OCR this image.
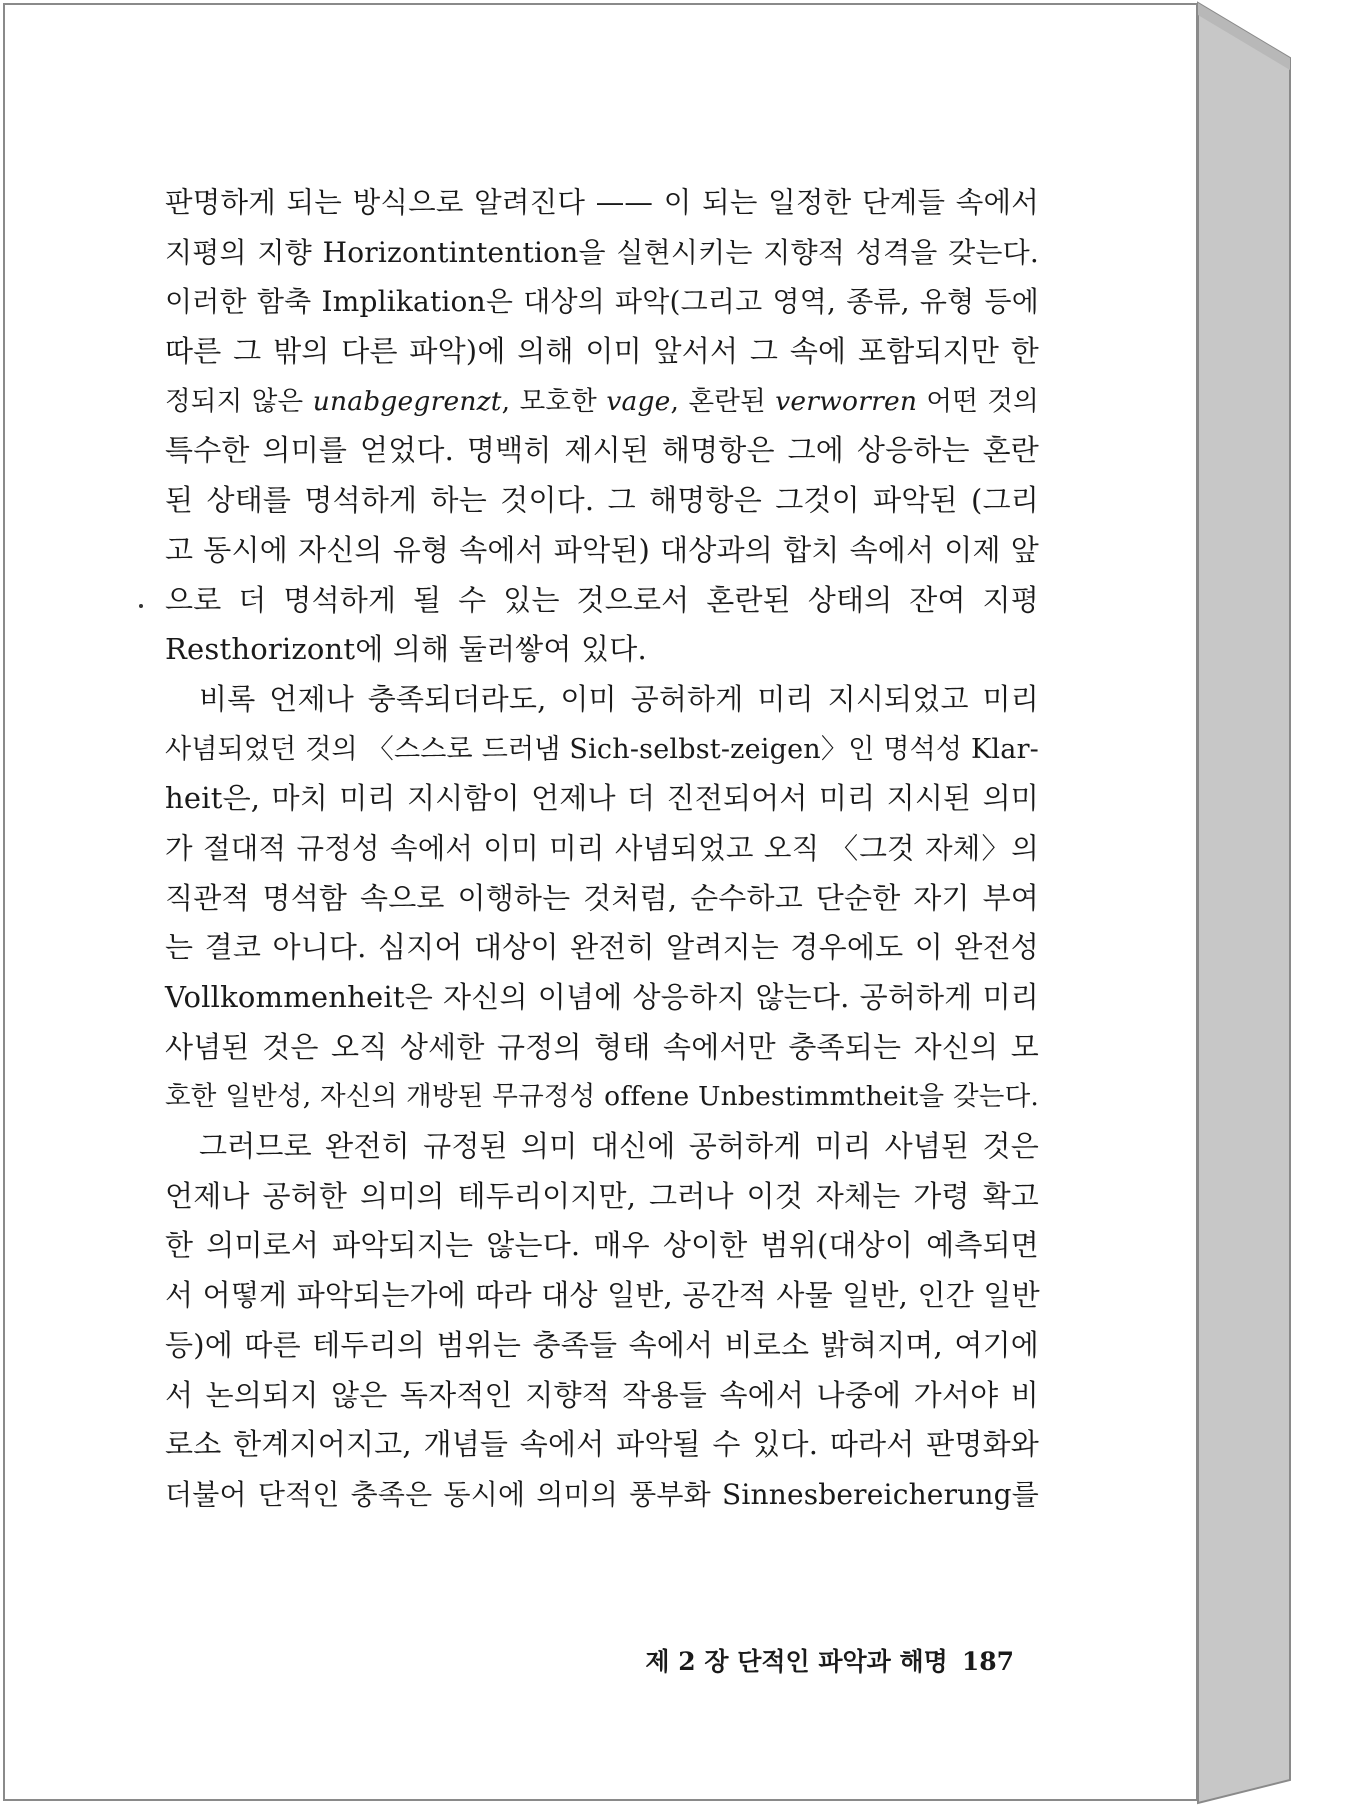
판명하게 되는 방식으로 알려진다 —— 이 되는 일정한 단계들 속에서
지평의 지향 Horizontintention을 실현시키는 지향적 성격을 갖는다.
이러한 함축 Implikation은 대상의 파악(그리고 영역, 종류, 유형 등에
따른 그 밖의 다른 파악)에 의해 이미 앞서서 그 속에 포함되지만 한
정되지 않은 unabgegrenzt, 모호한 vage, 혼란된 verworren 어떤 것의
특수한 의미를 얻었다. 명백히 제시된 해명항은 그에 상응하는 혼란
된 상태를 명석하게 하는 것이다. 그 해명항은 그것이 파악된 (그리
고 동시에 자신의 유형 속에서 파악된) 대상과의 합치 속에서 이제 앞
으로 더 명석하게 될 수 있는 것으로서 혼란된 상태의 잔여 지평
Resthorizont에 의해 둘러쌓여 있다.
비록 언제나 충족되더라도, 이미 공허하게 미리 지시되었고 미리
사념되었던 것의 〈스스로 드러냄 Sich-selbst-zeigen〉인 명석성 Klar-
heit은, 마치 미리 지시함이 언제나 더 진전되어서 미리 지시된 의미
가 절대적 규정성 속에서 이미 미리 사념되었고 오직 〈그것 자체〉의
직관적 명석함 속으로 이행하는 것처럼, 순수하고 단순한 자기 부여
는 결코 아니다. 심지어 대상이 완전히 알려지는 경우에도 이 완전성
Vollkommenheit은 자신의 이념에 상응하지 않는다. 공허하게 미리
사념된 것은 오직 상세한 규정의 형태 속에서만 충족되는 자신의 모
호한 일반성, 자신의 개방된 무규정성 offene Unbestimmtheit을 갖는다.
그러므로 완전히 규정된 의미 대신에 공허하게 미리 사념된 것은
언제나 공허한 의미의 테두리이지만, 그러나 이것 자체는 가령 확고
한 의미로서 파악되지는 않는다. 매우 상이한 범위(대상이 예측되면
서 어떻게 파악되는가에 따라 대상 일반, 공간적 사물 일반, 인간 일반
등)에 따른 테두리의 범위는 충족들 속에서 비로소 밝혀지며, 여기에
서 논의되지 않은 독자적인 지향적 작용들 속에서 나중에 가서야 비
로소 한계지어지고, 개념들 속에서 파악될 수 있다. 따라서 판명화와
더불어 단적인 충족은 동시에 의미의 풍부화 Sinnesbereicherung를
제 2 장 단적인 파악과 해명 187
